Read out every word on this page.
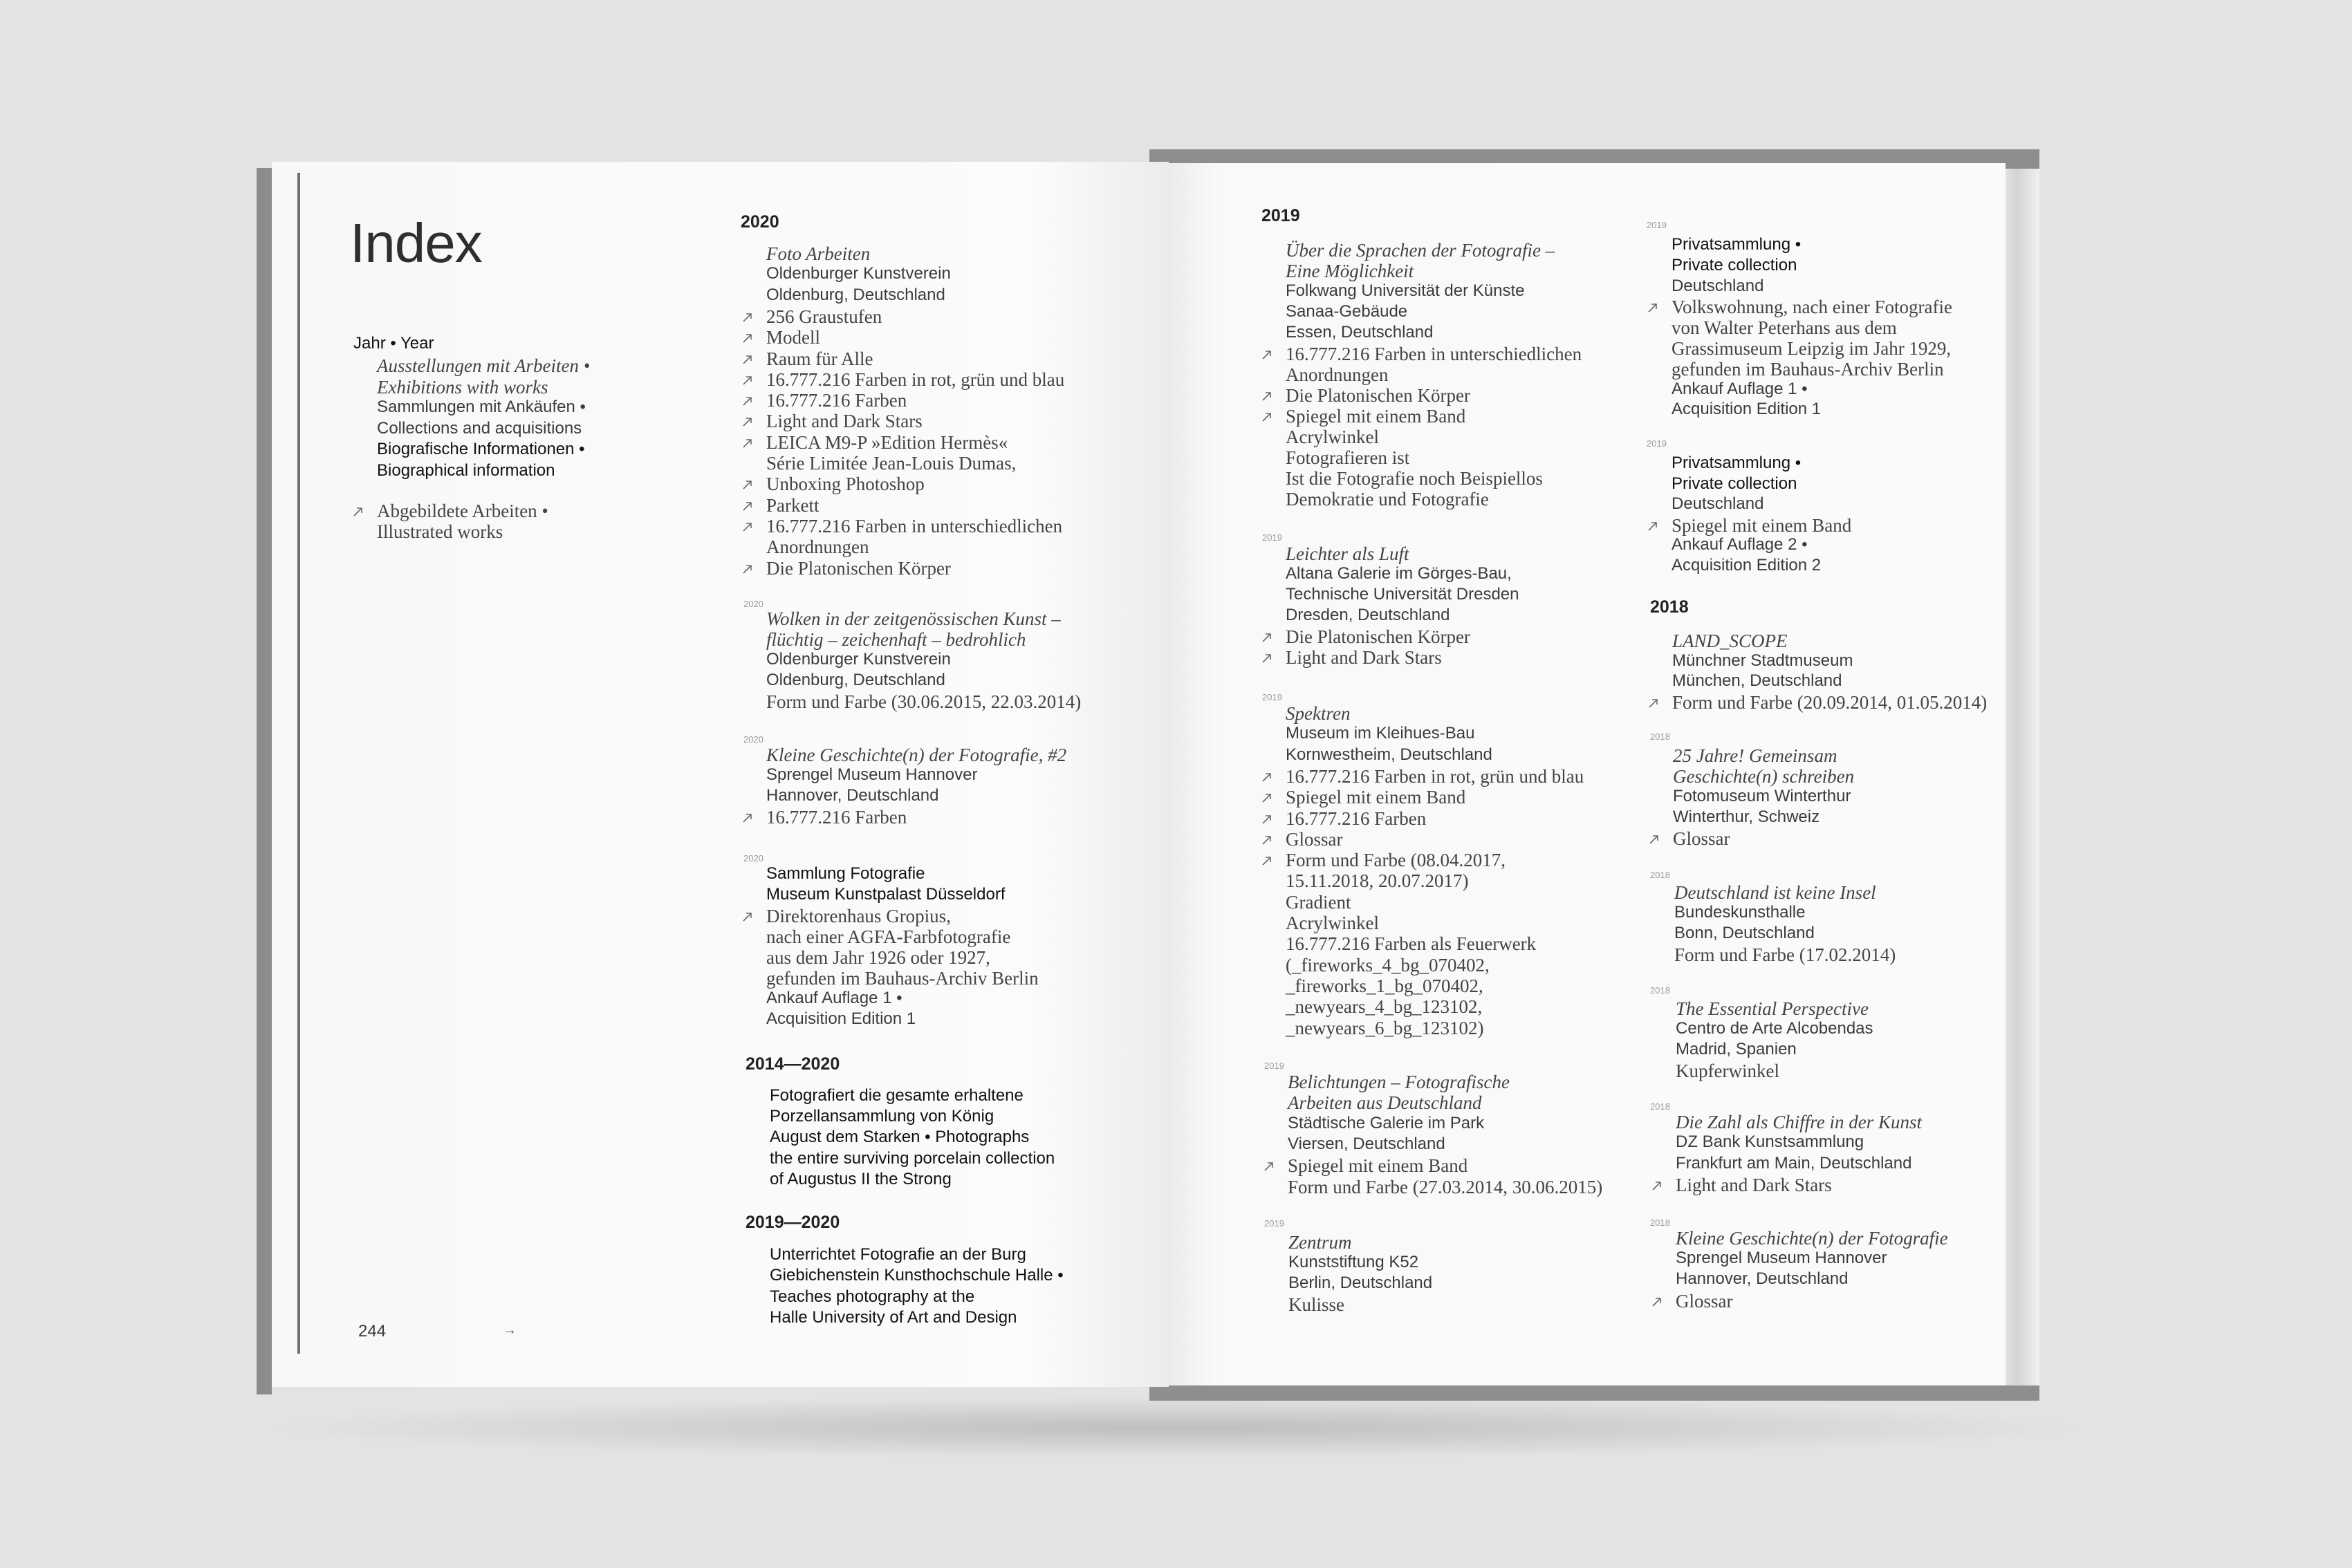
Index
Jahr • Year
Ausstellungen mit Arbeiten •
Exhibitions with works
Sammlungen mit Ankäufen •
Collections and acquisitions
Biografische Informationen •
Biographical information
Abgebildete Arbeiten •
Illustrated works
244	→
2020
Foto Arbeiten
Oldenburger Kunstverein
Oldenburg, Deutschland
256 Graustufen
Modell
Raum für Alle
16.777.216 Farben in rot, grün und blau
16.777.216 Farben
Light and Dark Stars
LEICA M9-P »Edition Hermès«
Série Limitée Jean-Louis Dumas,
Unboxing Photoshop
Parkett
16.777.216 Farben in unterschiedlichen
Anordnungen
Die Platonischen Körper
2020
Wolken in der zeitgenössischen Kunst –
flüchtig – zeichenhaft – bedrohlich
Oldenburger Kunstverein
Oldenburg, Deutschland
Form und Farbe (30.06.2015, 22.03.2014)
2020
Kleine Geschichte(n) der Fotografie, #2
Sprengel Museum Hannover
Hannover, Deutschland
16.777.216 Farben
2020
Sammlung Fotografie
Museum Kunstpalast Düsseldorf
Direktorenhaus Gropius,
nach einer AGFA-Farbfotografie
aus dem Jahr 1926 oder 1927,
gefunden im Bauhaus-Archiv Berlin
Ankauf Auflage 1 •
Acquisition Edition 1
2014—2020
Fotografiert die gesamte erhaltene
Porzellansammlung von König
August dem Starken • Photographs
the entire surviving porcelain collection
of Augustus II the Strong
2019—2020
Unterrichtet Fotografie an der Burg
Giebichenstein Kunsthochschule Halle •
Teaches photography at the
Halle University of Art and Design
2019
Über die Sprachen der Fotografie –
Eine Möglichkeit
Folkwang Universität der Künste
Sanaa-Gebäude
Essen, Deutschland
16.777.216 Farben in unterschiedlichen
Anordnungen
Die Platonischen Körper
Spiegel mit einem Band
Acrylwinkel
Fotografieren ist
Ist die Fotografie noch Beispiellos
Demokratie und Fotografie
2019
Leichter als Luft
Altana Galerie im Görges-Bau,
Technische Universität Dresden
Dresden, Deutschland
Die Platonischen Körper
Light and Dark Stars
2019
Spektren
Museum im Kleihues-Bau
Kornwestheim, Deutschland
16.777.216 Farben in rot, grün und blau
Spiegel mit einem Band
16.777.216 Farben
Glossar
Form und Farbe (08.04.2017,
15.11.2018, 20.07.2017)
Gradient
Acrylwinkel
16.777.216 Farben als Feuerwerk
(_fireworks_4_bg_070402,
_fireworks_1_bg_070402,
_newyears_4_bg_123102,
_newyears_6_bg_123102)
2019
Belichtungen – Fotografische
Arbeiten aus Deutschland
Städtische Galerie im Park
Viersen, Deutschland
Spiegel mit einem Band
Form und Farbe (27.03.2014, 30.06.2015)
2019
Zentrum
Kunststiftung K52
Berlin, Deutschland
Kulisse
2019
Privatsammlung •
Private collection
Deutschland
Volkswohnung, nach einer Fotografie
von Walter Peterhans aus dem
Grassimuseum Leipzig im Jahr 1929,
gefunden im Bauhaus-Archiv Berlin
Ankauf Auflage 1 •
Acquisition Edition 1
2019
Privatsammlung •
Private collection
Deutschland
Spiegel mit einem Band
Ankauf Auflage 2 •
Acquisition Edition 2
2018
LAND_SCOPE
Münchner Stadtmuseum
München, Deutschland
Form und Farbe (20.09.2014, 01.05.2014)
2018
25 Jahre! Gemeinsam
Geschichte(n) schreiben
Fotomuseum Winterthur
Winterthur, Schweiz
Glossar
2018
Deutschland ist keine Insel
Bundeskunsthalle
Bonn, Deutschland
Form und Farbe (17.02.2014)
2018
The Essential Perspective
Centro de Arte Alcobendas
Madrid, Spanien
Kupferwinkel
2018
Die Zahl als Chiffre in der Kunst
DZ Bank Kunstsammlung
Frankfurt am Main, Deutschland
Light and Dark Stars
2018
Kleine Geschichte(n) der Fotografie
Sprengel Museum Hannover
Hannover, Deutschland
Glossar
